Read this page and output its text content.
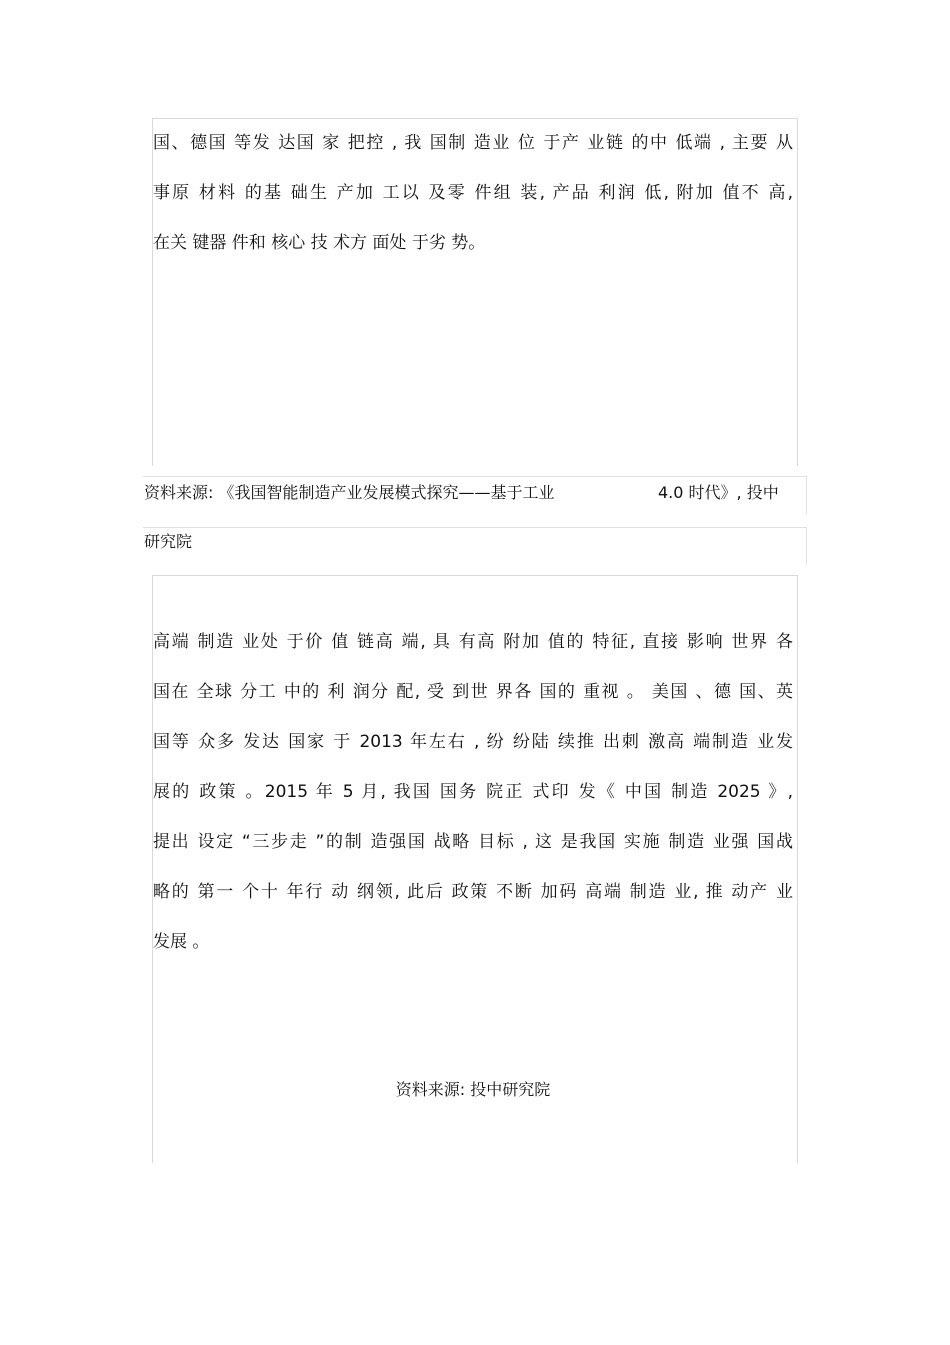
国、德国 等发 达国 家 把控 , 我 国制 造业 位 于产 业链 的中 低端 , 主要 从
事原 材料 的基 础生 产加 工以 及零 件组 装, 产品 利润 低, 附加 值不 高,
在关 键器 件和 核心 技 术方 面处 于劣 势。
资料来源: 《我国智能制造产业发展模式探究——基于工业	4.0 时代》, 投中
研究院
高端 制造 业处 于价 值 链高 端, 具 有高 附加 值的 特征, 直接 影响 世界 各
国在 全球 分工 中的 利 润分 配, 受 到世 界各 国的 重视 。 美国 、德 国、英
国等 众多 发达 国家 于 2013 年左右 , 纷 纷陆 续推 出刺 激高 端制造 业发
展的 政策 。2015 年 5 月, 我国 国务 院正 式印 发《 中国 制造 2025 》,
提出 设定 “三步走 ”的制 造强国 战略 目标 , 这 是我国 实施 制造 业强 国战
略的 第一 个十 年行 动 纲领, 此后 政策 不断 加码 高端 制造 业, 推 动产 业
发展 。
资料来源: 投中研究院
